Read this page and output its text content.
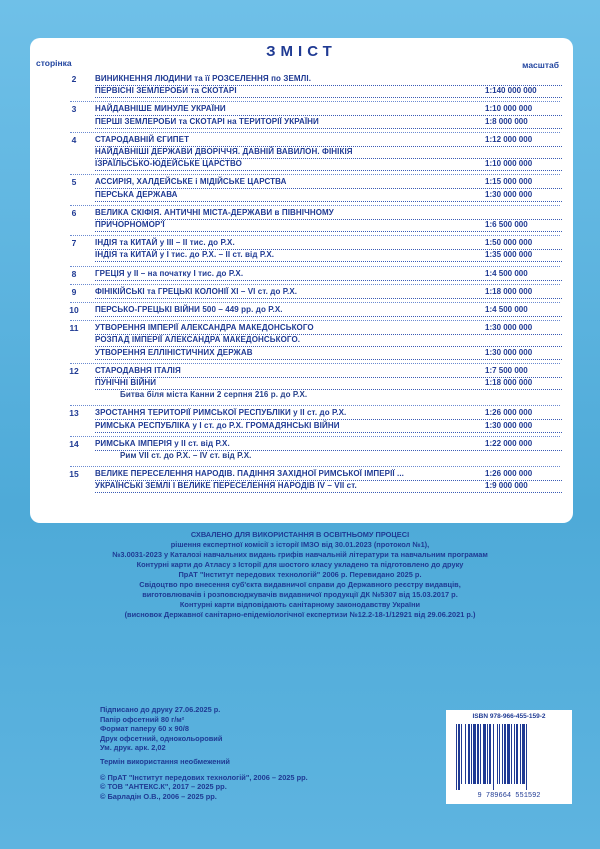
ЗМІСТ
сторінка	масштаб
2	ВИНИКНЕННЯ ЛЮДИНИ та її РОЗСЕЛЕННЯ по ЗЕМЛІ.
ПЕРВІСНІ ЗЕМЛЕРОБИ та СКОТАРІ	1:140 000 000
3	НАЙДАВНІШЕ МИНУЛЕ УКРАЇНИ	1:10 000 000
ПЕРШІ ЗЕМЛЕРОБИ та СКОТАРІ на ТЕРИТОРІЇ УКРАЇНИ	1:8 000 000
4	СТАРОДАВНІЙ ЄГИПЕТ	1:12 000 000
НАЙДАВНІШІ ДЕРЖАВИ ДВОРІЧЧЯ. ДАВНІЙ ВАВИЛОН. ФІНІКІЯ
ІЗРАЇЛЬСЬКО-ЮДЕЙСЬКЕ ЦАРСТВО	1:10 000 000
5	АССИРІЯ, ХАЛДЕЙСЬКЕ і МІДІЙСЬКЕ ЦАРСТВА	1:15 000 000
ПЕРСЬКА ДЕРЖАВА	1:30 000 000
6	ВЕЛИКА СКІФІЯ. АНТИЧНІ МІСТА-ДЕРЖАВИ в ПІВНІЧНОМУ
ПРИЧОРНОМОР'Ї	1:6 500 000
7	ІНДІЯ та КИТАЙ у III – II тис. до Р.Х.	1:50 000 000
ІНДІЯ та КИТАЙ у I тис. до Р.Х. – II ст. від Р.Х.	1:35 000 000
8	ГРЕЦІЯ у II – на початку I тис. до Р.Х.	1:4 500 000
9	ФІНІКІЙСЬКІ та ГРЕЦЬКІ КОЛОНІЇ XI – VI ст. до Р.Х.	1:18 000 000
10	ПЕРСЬКО-ГРЕЦЬКІ ВІЙНИ 500 – 449 рр. до Р.Х.	1:4 500 000
11	УТВОРЕННЯ ІМПЕРІЇ АЛЕКСАНДРА МАКЕДОНСЬКОГО	1:30 000 000
РОЗПАД ІМПЕРІЇ АЛЕКСАНДРА МАКЕДОНСЬКОГО.
УТВОРЕННЯ ЕЛЛІНІСТИЧНИХ ДЕРЖАВ	1:30 000 000
12	СТАРОДАВНЯ ІТАЛІЯ	1:7 500 000
ПУНІЧНІ ВІЙНИ	1:18 000 000
Битва біля міста Канни 2 серпня 216 р. до Р.Х.
13	ЗРОСТАННЯ ТЕРИТОРІЇ РИМСЬКОЇ РЕСПУБЛІКИ у II ст. до Р.Х.	1:26 000 000
РИМСЬКА РЕСПУБЛІКА у I ст. до Р.Х. ГРОМАДЯНСЬКІ ВІЙНИ	1:30 000 000
14	РИМСЬКА ІМПЕРІЯ у II ст. від Р.Х.	1:22 000 000
Рим VII ст. до Р.Х. – IV ст. від Р.Х.
15	ВЕЛИКЕ ПЕРЕСЕЛЕННЯ НАРОДІВ. ПАДІННЯ ЗАХІДНОЇ РИМСЬКОЇ ІМПЕРІЇ ...	1:26 000 000
УКРАЇНСЬКІ ЗЕМЛІ І ВЕЛИКЕ ПЕРЕСЕЛЕННЯ НАРОДІВ IV – VII ст.	1:9 000 000
СХВАЛЕНО ДЛЯ ВИКОРИСТАННЯ В ОСВІТНЬОМУ ПРОЦЕСІ
рішення експертної комісії з історії ІМЗО від 30.01.2023 (протокол №1),
№3.0031-2023 у Каталозі навчальних видань грифів навчальній літератури та навчальним програмам
Контурні карти до Атласу з Історії для шостого класу укладено та підготовлено до друку
ПрАТ "Інститут передових технологій" 2006 р. Перевидано 2025 р.
Свідоцтво про внесення суб'єкта видавничої справи до Державного реєстру видавців,
виготовлювачів і розповсюджувачів видавничої продукції ДК №5307 від 15.03.2017 р.
Контурні карти відповідають санітарному законодавству України
(висновок Державної санітарно-епідеміологічної експертизи №12.2-18-1/12921 від 29.06.2021 р.)
Підписано до друку 27.06.2025 р.
Папір офсетний 80 г/м²
Формат паперу 60 х 90/8
Друк офсетний, однокольоровий
Ум. друк. арк. 2,02
Термін використання необмежений
© ПрАТ "Інститут передових технологій", 2006 – 2025 рр.
© ТОВ "АНТЕКС.К", 2017 – 2025 рр.
© Барладін О.В., 2006 – 2025 рр.
ISBN 978-966-455-159-2
9 789664 551592
